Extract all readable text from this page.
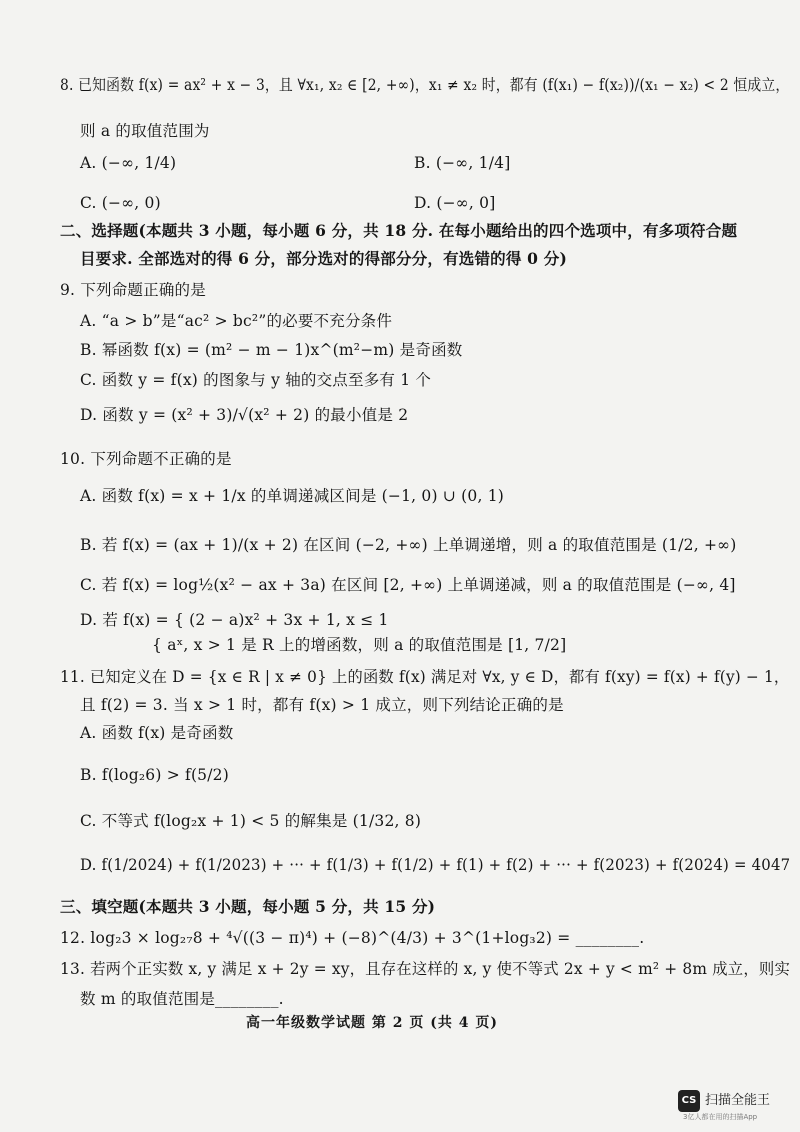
8. 已知函数 f(x) = ax² + x − 3，且 ∀x₁, x₂ ∈ [2, +∞)，x₁ ≠ x₂ 时，都有 (f(x₁) − f(x₂))/(x₁ − x₂) < 2 恒成立，

则 a 的取值范围为

A. (−∞, 1/4)	B. (−∞, 1/4]

C. (−∞, 0)	D. (−∞, 0]

二、选择题(本题共 3 小题，每小题 6 分，共 18 分. 在每小题给出的四个选项中，有多项符合题

目要求. 全部选对的得 6 分，部分选对的得部分分，有选错的得 0 分)

9. 下列命题正确的是

A. “a > b”是“ac² > bc²”的必要不充分条件

B. 幂函数 f(x) = (m² − m − 1)x^(m²−m) 是奇函数

C. 函数 y = f(x) 的图象与 y 轴的交点至多有 1 个

D. 函数 y = (x² + 3)/√(x² + 2) 的最小值是 2

10. 下列命题不正确的是

A. 函数 f(x) = x + 1/x 的单调递减区间是 (−1, 0) ∪ (0, 1)

B. 若 f(x) = (ax + 1)/(x + 2) 在区间 (−2, +∞) 上单调递增，则 a 的取值范围是 (1/2, +∞)

C. 若 f(x) = log½(x² − ax + 3a) 在区间 [2, +∞) 上单调递减，则 a 的取值范围是 (−∞, 4]

D. 若 f(x) = { (2 − a)x² + 3x + 1, x ≤ 1

{ aˣ, x > 1 是 R 上的增函数，则 a 的取值范围是 [1, 7/2]

11. 已知定义在 D = {x ∈ R | x ≠ 0} 上的函数 f(x) 满足对 ∀x, y ∈ D，都有 f(xy) = f(x) + f(y) − 1，

且 f(2) = 3. 当 x > 1 时，都有 f(x) > 1 成立，则下列结论正确的是

A. 函数 f(x) 是奇函数

B. f(log₂6) > f(5/2)

C. 不等式 f(log₂x + 1) < 5 的解集是 (1/32, 8)

D. f(1/2024) + f(1/2023) + ··· + f(1/3) + f(1/2) + f(1) + f(2) + ··· + f(2023) + f(2024) = 4047

三、填空题(本题共 3 小题，每小题 5 分，共 15 分)

12. log₂3 × log₂₇8 + ⁴√((3 − π)⁴) + (−8)^(4/3) + 3^(1+log₃2) = ________.

13. 若两个正实数 x, y 满足 x + 2y = xy，且存在这样的 x, y 使不等式 2x + y < m² + 8m 成立，则实

数 m 的取值范围是________.

高一年级数学试题 第 2 页 (共 4 页)

CS 扫描全能王
3亿人都在用的扫描App
